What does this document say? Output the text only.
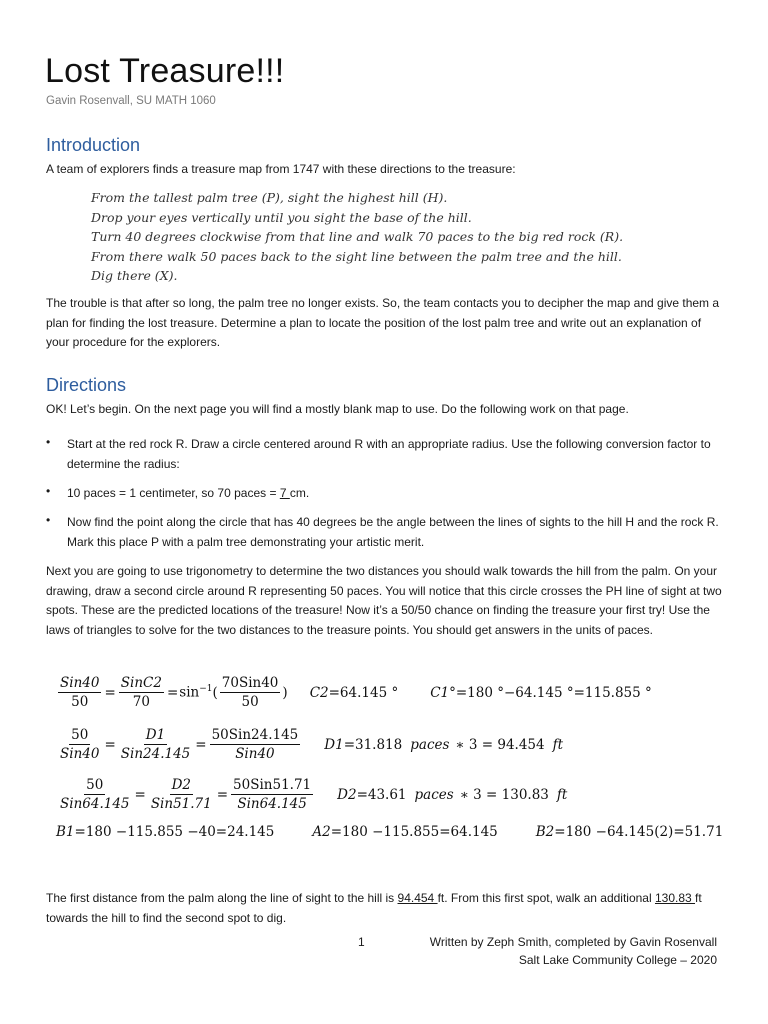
Lost Treasure!!!
Gavin Rosenvall, SU MATH 1060
Introduction

A team of explorers finds a treasure map from 1747 with these directions to the treasure:

From the tallest palm tree (P), sight the highest hill (H).
Drop your eyes vertically until you sight the base of the hill.
Turn 40 degrees clockwise from that line and walk 70 paces to the big red rock (R).
From there walk 50 paces back to the sight line between the palm tree and the hill.
Dig there (X).

The trouble is that after so long, the palm tree no longer exists. So, the team contacts you to decipher the map and give them a plan for finding the lost treasure. Determine a plan to locate the position of the lost palm tree and write out an explanation of your procedure for the explorers.

Directions

OK! Let’s begin. On the next page you will find a mostly blank map to use. Do the following work on that page.

• Start at the red rock R. Draw a circle centered around R with an appropriate radius. Use the following conversion factor to determine the radius:

• 10 paces = 1 centimeter, so 70 paces = 7 cm.

• Now find the point along the circle that has 40 degrees be the angle between the lines of sights to the hill H and the rock R. Mark this place P with a palm tree demonstrating your artistic merit.

Next you are going to use trigonometry to determine the two distances you should walk towards the hill from the palm. On your drawing, draw a second circle around R representing 50 paces. You will notice that this circle crosses the PH line of sight at two spots. These are the predicted locations of the treasure! Now it’s a 50/50 chance on finding the treasure your first try! Use the laws of triangles to solve for the two distances to the treasure points. You should get answers in the units of paces.

$\frac{\text{Sin40}}{50} = \frac{\text{SinC2}}{70} = \sin^{-1}$ ( $\frac{\text{70Sin40}}{50}$ ) C2 =64.145 ° C1 °=180 °−64.145 °=115.855 °
$\frac{50}{\text{Sin40}} = \frac{D1}{\text{Sin24.145}} = \frac{\text{50Sin24.145}}{\text{Sin40}} D1 =31.818$ paces ∗ 3 = 94.454 ft
$\frac{50}{\text{Sin64.145}} = \frac{D2}{\text{Sin51.71}} = \frac{\text{50Sin51.71}}{\text{Sin64.145}} D2 =43.61$ paces ∗ 3 = 130.83 ft
B1 =180 −115.855 −40=24.145	A2 =180 −115.855=64.145	B2 =180 −64.145(2)=51.71

The first distance from the palm along the line of sight to the hill is 94.454 ft. From this first spot, walk an additional 130.83 ft towards the hill to find the second spot to dig.

1	Written by Zeph Smith, completed by Gavin Rosenvall
Salt Lake Community College – 2020
